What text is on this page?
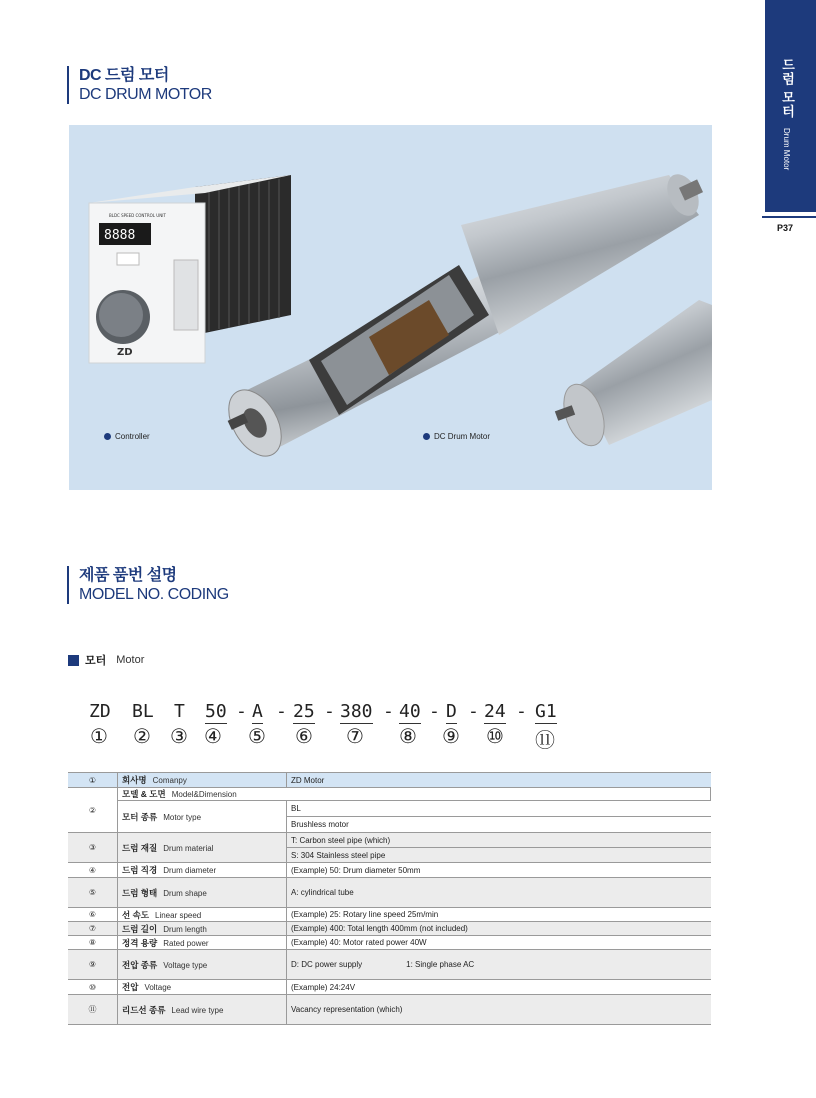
드럼 모터
Drum Motor
P37
DC 드럼 모터
DC DRUM MOTOR
BLDC SPEED CONTROL UNIT
8888
ZD
Controller	DC Drum Motor
제품 품번 설명
MODEL NO. CODING
모터 Motor
ZD BL T 50 - A - 25 - 380 - 40 - D - 24 - G1
① ② ③ ④ ⑤ ⑥ ⑦ ⑧ ⑨ ⑩ ⑪
①	회사명 Comanpy	ZD Motor
②	모델 & 도면 Model&Dimension	
	모터 종류 Motor type	BL
		Brushless motor
③	드럼 재질 Drum material	T: Carbon steel pipe (which)
		S: 304 Stainless steel pipe
④	드럼 직경 Drum diameter	(Example) 50: Drum diameter 50mm
⑤	드럼 형태 Drum shape	A: cylindrical tube
⑥	선 속도 Linear speed	(Example) 25: Rotary line speed 25m/min
⑦	드럼 길이 Drum length	(Example) 400: Total length 400mm (not included)
⑧	정격 용량 Rated power	(Example) 40: Motor rated power 40W
⑨	전압 종류 Voltage type	D: DC power supply 1: Single phase AC
⑩	전압 Voltage	(Example) 24:24V
⑪	리드선 종류 Lead wire type	Vacancy representation (which)
